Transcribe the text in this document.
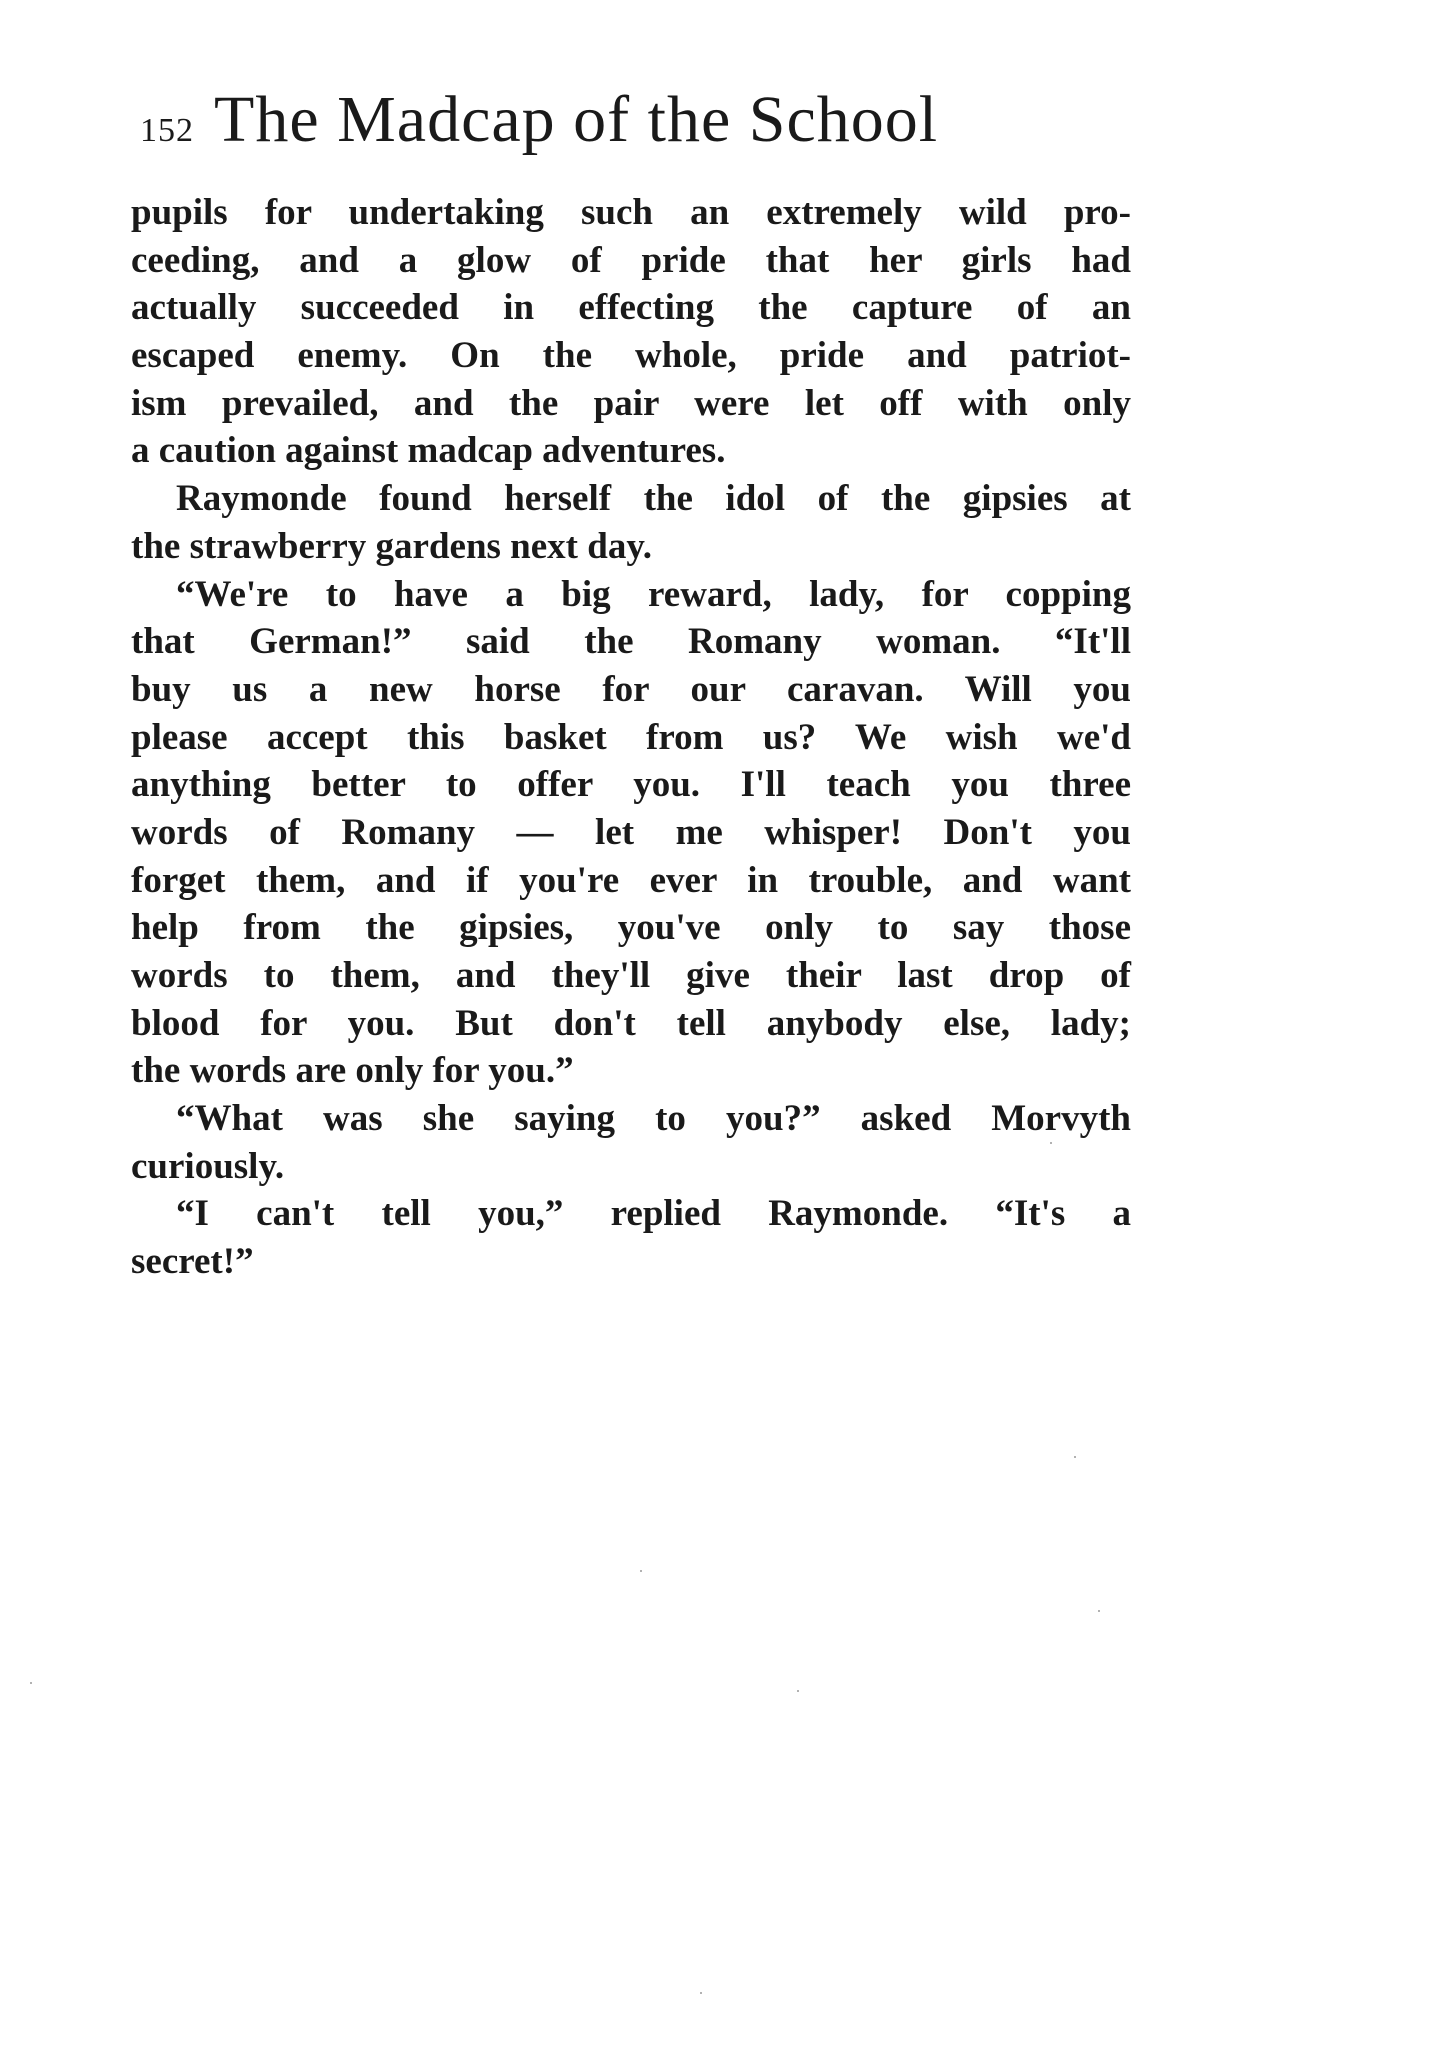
152 The Madcap of the School
pupils for undertaking such an extremely wild pro-
ceeding, and a glow of pride that her girls had
actually succeeded in effecting the capture of an
escaped enemy. On the whole, pride and patriot-
ism prevailed, and the pair were let off with only
a caution against madcap adventures.
Raymonde found herself the idol of the gipsies at
the strawberry gardens next day.
“We're to have a big reward, lady, for copping
that German!” said the Romany woman. “It'll
buy us a new horse for our caravan. Will you
please accept this basket from us? We wish we'd
anything better to offer you. I'll teach you three
words of Romany — let me whisper! Don't you
forget them, and if you're ever in trouble, and want
help from the gipsies, you've only to say those
words to them, and they'll give their last drop of
blood for you. But don't tell anybody else, lady;
the words are only for you.”
“What was she saying to you?” asked Morvyth
curiously.
“I can't tell you,” replied Raymonde. “It's a
secret!”
